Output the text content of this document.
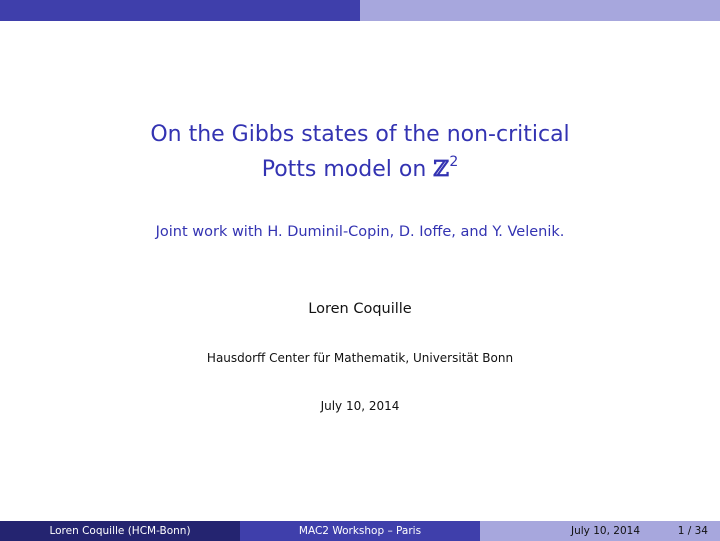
On the Gibbs states of the non-critical
Potts model on ℤ$^2$
Joint work with H. Duminil-Copin, D. Ioffe, and Y. Velenik.
Loren Coquille
Hausdorff Center für Mathematik, Universität Bonn
July 10, 2014
Loren Coquille (HCM-Bonn)	MAC2 Workshop – Paris	July 10, 2014	1 / 34
